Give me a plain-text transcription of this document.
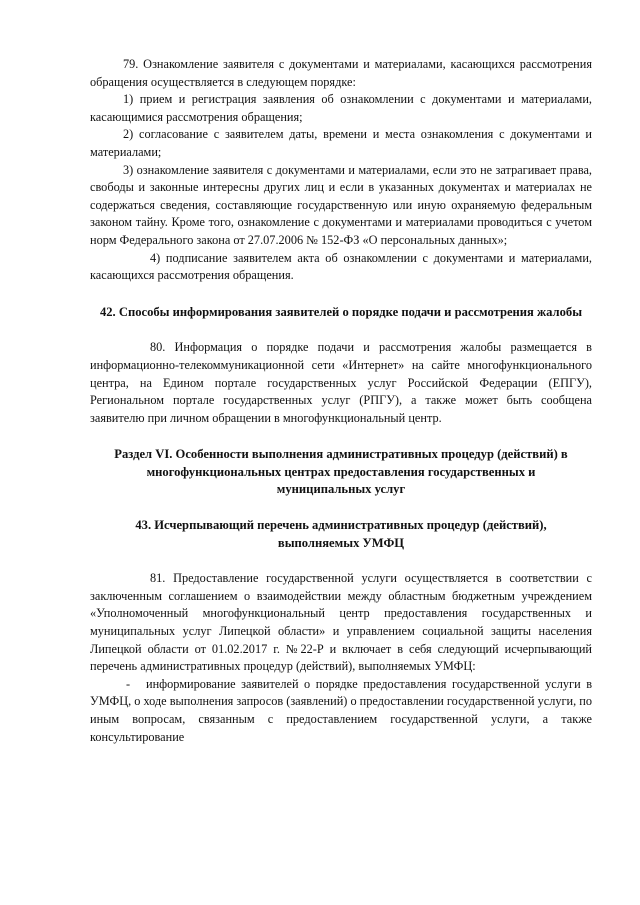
79. Ознакомление заявителя с документами и материалами, касающихся рассмотрения обращения осуществляется в следующем порядке:

1) прием и регистрация заявления об ознакомлении с документами и материалами, касающимися рассмотрения обращения;

2) согласование с заявителем даты, времени и места ознакомления с документами и материалами;

3) ознакомление заявителя с документами и материалами, если это не затрагивает права, свободы и законные интересны других лиц и если в указанных документах и материалах не содержаться сведения, составляющие государственную или иную охраняемую федеральным законом тайну. Кроме того, ознакомление с документами и материалами проводиться с учетом норм Федерального закона от 27.07.2006 № 152-ФЗ «О персональных данных»;

4) подписание заявителем акта об ознакомлении с документами и материалами, касающихся рассмотрения обращения.

42. Способы информирования заявителей о порядке подачи и рассмотрения жалобы

80. Информация о порядке подачи и рассмотрения жалобы размещается в информационно-телекоммуникационной сети «Интернет» на сайте многофункционального центра, на Едином портале государственных услуг Российской Федерации (ЕПГУ), Региональном портале государственных услуг (РПГУ), а также может быть сообщена заявителю при личном обращении в многофункциональный центр.

Раздел VI. Особенности выполнения административных процедур (действий) в многофункциональных центрах предоставления государственных и муниципальных услуг
43. Исчерпывающий перечень административных процедур (действий), выполняемых УМФЦ

81. Предоставление государственной услуги осуществляется в соответствии с заключенным соглашением о взаимодействии между областным бюджетным учреждением «Уполномоченный многофункциональный центр предоставления государственных и муниципальных услуг Липецкой области» и управлением социальной защиты населения Липецкой области от 01.02.2017 г. №22-Р и включает в себя следующий исчерпывающий перечень административных процедур (действий), выполняемых УМФЦ:

- информирование заявителей о порядке предоставления государственной услуги в УМФЦ, о ходе выполнения запросов (заявлений) о предоставлении государственной услуги, по иным вопросам, связанным с предоставлением государственной услуги, а также консультирование
